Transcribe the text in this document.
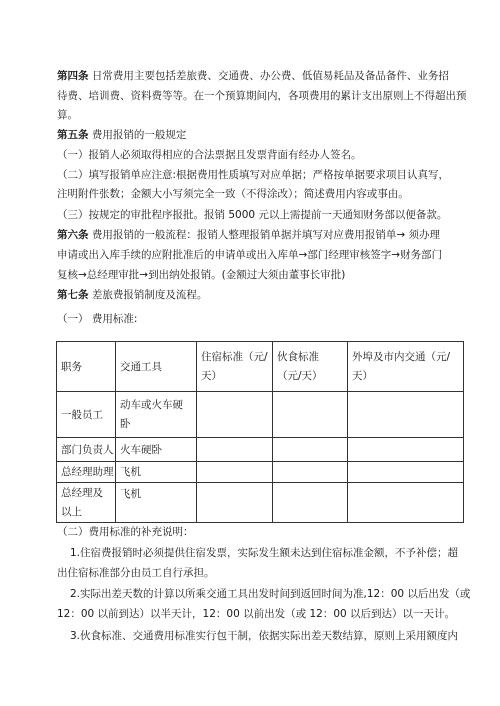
第四条 日常费用主要包括差旅费、交通费、办公费、低值易耗品及备品备件、业务招
待费、培训费、资料费等等。在一个预算期间内，各项费用的累计支出原则上不得超出预
算。
第五条 费用报销的一般规定
（一）报销人必须取得相应的合法票据且发票背面有经办人签名。
（二）填写报销单应注意:根据费用性质填写对应单据；严格按单据要求项目认真写，
注明附件张数；金额大小写须完全一致（不得涂改）；简述费用内容或事由。
（三）按规定的审批程序报批。报销 5000 元以上需提前一天通知财务部以便备款。
第六条 费用报销的一般流程：报销人整理报销单据并填写对应费用报销单→ 须办理
申请或出入库手续的应附批准后的申请单或出入库单→部门经理审核签字→财务部门
复核→总经理审批→到出纳处报销。(金额过大须由董事长审批)
第七条 差旅费报销制度及流程。
（一） 费用标准:
职务	交通工具	住宿标准（元/天）	伙食标准（元/天）	外埠及市内交通（元/天）
一般员工	动车或火车硬卧			
部门负责人	火车硬卧			
总经理助理	飞机			
总经理及以上	飞机			
（二）费用标准的补充说明：
1.住宿费报销时必须提供住宿发票，实际发生额未达到住宿标准金额，不予补偿；超
出住宿标准部分由员工自行承担。
2.实际出差天数的计算以所乘交通工具出发时间到返回时间为准,12：00 以后出发（或
12：00 以前到达）以半天计，12：00 以前出发（或 12：00 以后到达）以一天计。
3.伙食标准、交通费用标准实行包干制，依据实际出差天数结算，原则上采用额度内
